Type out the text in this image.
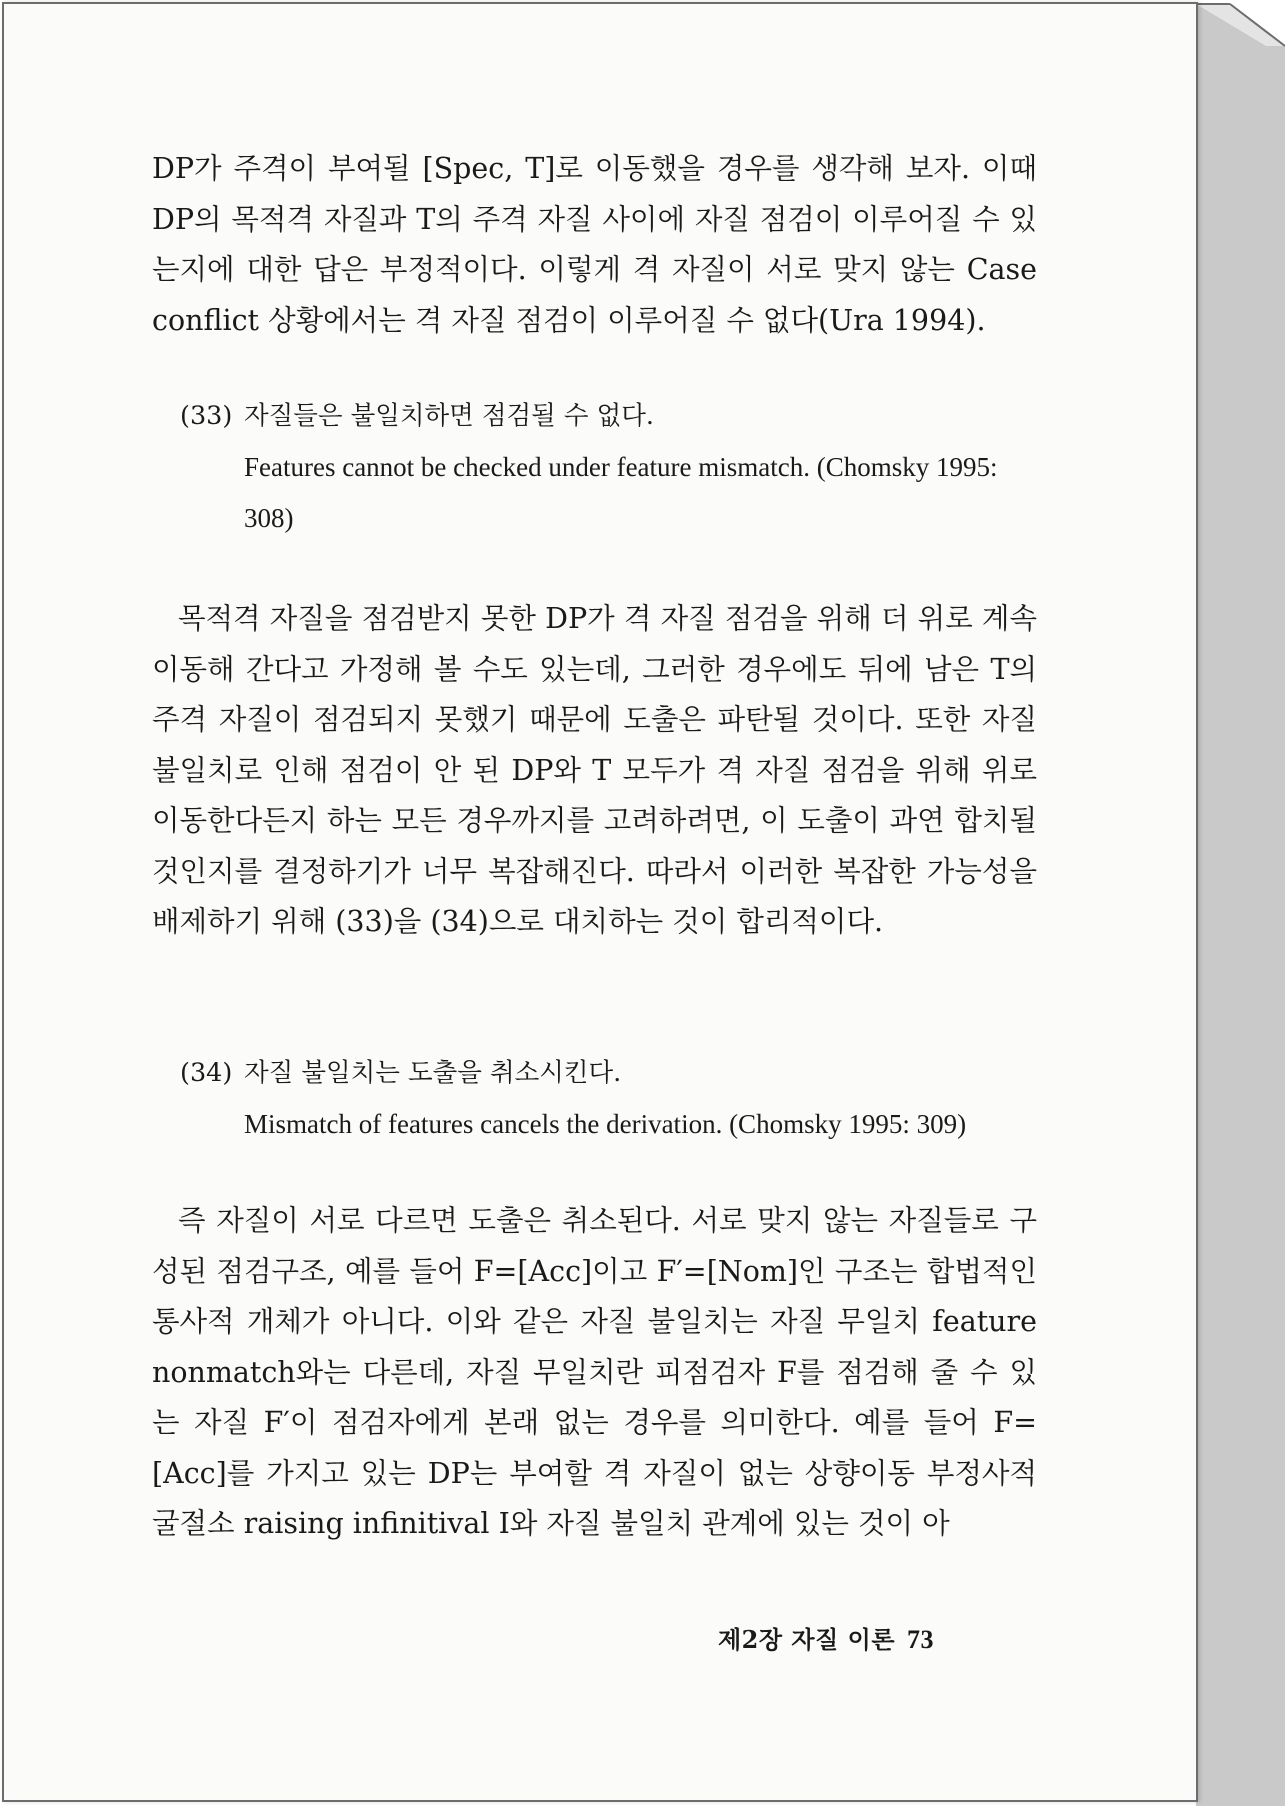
DP가 주격이 부여될 [Spec, T]로 이동했을 경우를 생각해 보자. 이때 DP의 목적격 자질과 T의 주격 자질 사이에 자질 점검이 이루어질 수 있는지에 대한 답은 부정적이다. 이렇게 격 자질이 서로 맞지 않는 Case conflict 상황에서는 격 자질 점검이 이루어질 수 없다(Ura 1994).

(33) 자질들은 불일치하면 점검될 수 없다.
Features cannot be checked under feature mismatch. (Chomsky 1995: 308)

목적격 자질을 점검받지 못한 DP가 격 자질 점검을 위해 더 위로 계속 이동해 간다고 가정해 볼 수도 있는데, 그러한 경우에도 뒤에 남은 T의 주격 자질이 점검되지 못했기 때문에 도출은 파탄될 것이다. 또한 자질 불일치로 인해 점검이 안 된 DP와 T 모두가 격 자질 점검을 위해 위로 이동한다든지 하는 모든 경우까지를 고려하려면, 이 도출이 과연 합치될 것인지를 결정하기가 너무 복잡해진다. 따라서 이러한 복잡한 가능성을 배제하기 위해 (33)을 (34)으로 대치하는 것이 합리적이다.

(34) 자질 불일치는 도출을 취소시킨다.
Mismatch of features cancels the derivation. (Chomsky 1995: 309)

즉 자질이 서로 다르면 도출은 취소된다. 서로 맞지 않는 자질들로 구성된 점검구조, 예를 들어 F=[Acc]이고 F′=[Nom]인 구조는 합법적인 통사적 개체가 아니다. 이와 같은 자질 불일치는 자질 무일치 feature nonmatch와는 다른데, 자질 무일치란 피점검자 F를 점검해 줄 수 있는 자질 F′이 점검자에게 본래 없는 경우를 의미한다. 예를 들어 F=[Acc]를 가지고 있는 DP는 부여할 격 자질이 없는 상향이동 부정사적 굴절소 raising infinitival I와 자질 불일치 관계에 있는 것이 아

제2장 자질 이론 73
